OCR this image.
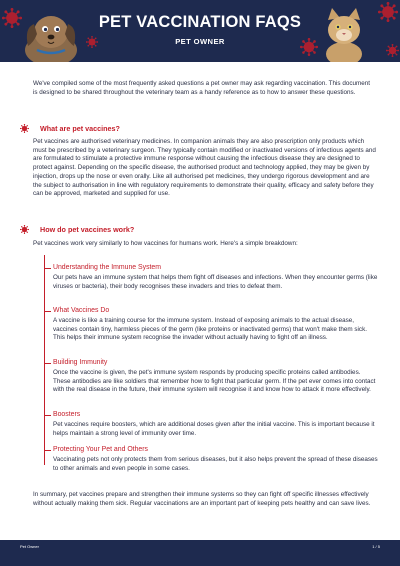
PET VACCINATION FAQS
PET OWNER

We've compiled some of the most frequently asked questions a pet owner may ask regarding vaccination. This document is designed to be shared throughout the veterinary team as a handy reference as to how to answer these questions.

What are pet vaccines?

Pet vaccines are authorised veterinary medicines. In companion animals they are also prescription only products which must be prescribed by a veterinary surgeon. They typically contain modified or inactivated versions of infectious agents and are formulated to stimulate a protective immune response without causing the infectious disease they are designed to protect against. Depending on the specific disease, the authorised product and technology applied, they may be given by injection, drops up the nose or even orally. Like all authorised pet medicines, they undergo rigorous development and are the subject to authorisation in line with regulatory requirements to demonstrate their quality, efficacy and safety before they can be approved, marketed and supplied for use.

How do pet vaccines work?

Pet vaccines work very similarly to how vaccines for humans work. Here's a simple breakdown:

Understanding the Immune System
Our pets have an immune system that helps them fight off diseases and infections. When they encounter germs (like viruses or bacteria), their body recognises these invaders and tries to defeat them.
What Vaccines Do
A vaccine is like a training course for the immune system. Instead of exposing animals to the actual disease, vaccines contain tiny, harmless pieces of the germ (like proteins or inactivated germs) that won't make them sick. This helps their immune system recognise the invader without actually having to fight off an illness.
Building Immunity
Once the vaccine is given, the pet's immune system responds by producing specific proteins called antibodies. These antibodies are like soldiers that remember how to fight that particular germ. If the pet ever comes into contact with the real disease in the future, their immune system will recognise it and know how to attack it more effectively.
Boosters
Pet vaccines require boosters, which are additional doses given after the initial vaccine. This is important because it helps maintain a strong level of immunity over time.
Protecting Your Pet and Others
Vaccinating pets not only protects them from serious diseases, but it also helps prevent the spread of these diseases to other animals and even people in some cases.

In summary, pet vaccines prepare and strengthen their immune systems so they can fight off specific illnesses effectively without actually making them sick. Regular vaccinations are an important part of keeping pets healthy and can save lives.

Pet Owner	1 / 5
